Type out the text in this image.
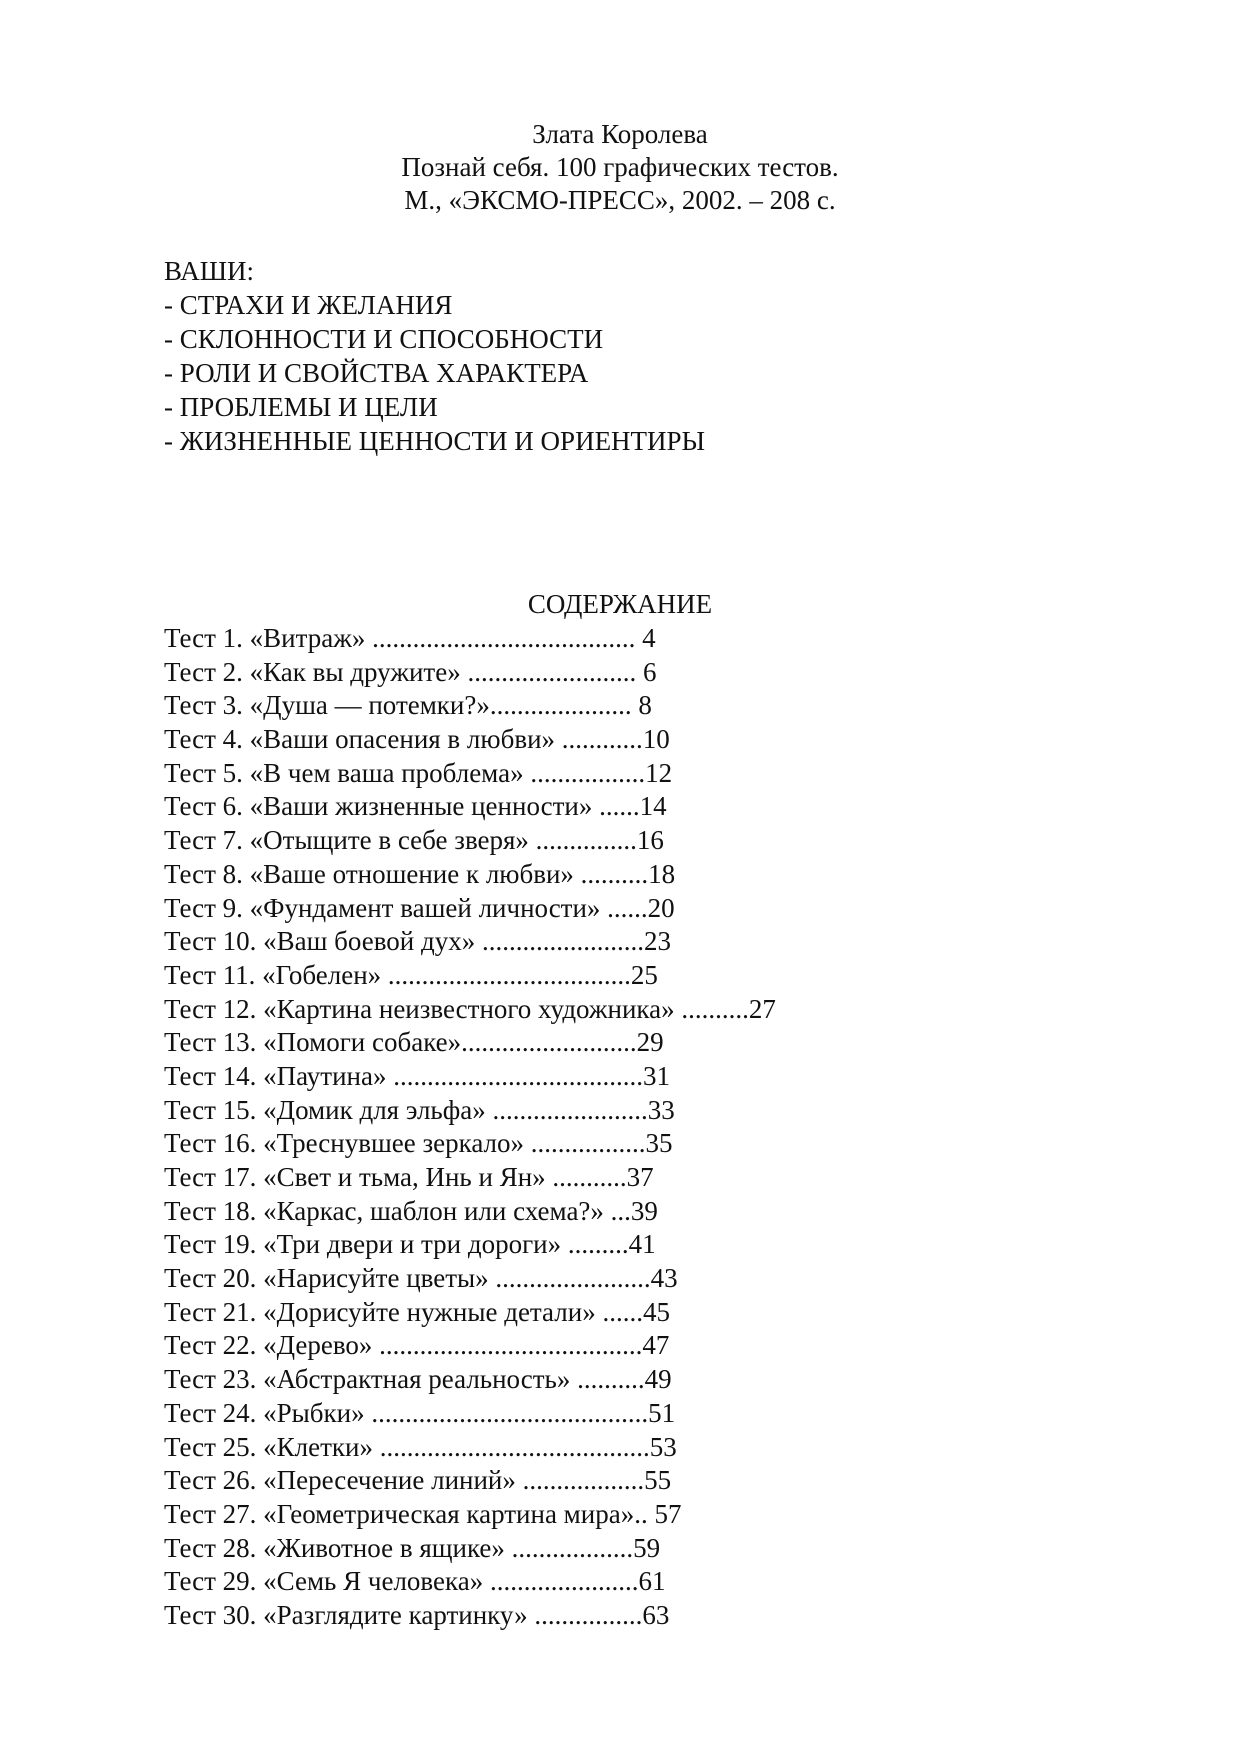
Злата Королева
Познай себя. 100 графических тестов.
М., «ЭКСМО-ПРЕСС», 2002. – 208 с.
ВАШИ:
- СТРАХИ И ЖЕЛАНИЯ
- СКЛОННОСТИ И СПОСОБНОСТИ
- РОЛИ И СВОЙСТВА ХАРАКТЕРА
- ПРОБЛЕМЫ И ЦЕЛИ
- ЖИЗНЕННЫЕ ЦЕННОСТИ И ОРИЕНТИРЫ
СОДЕРЖАНИЕ
Тест 1. «Витраж» ....................................... 4
Тест 2. «Как вы дружите» ......................... 6
Тест 3. «Душа — потемки?»..................... 8
Тест 4. «Ваши опасения в любви» ............10
Тест 5. «В чем ваша проблема» .................12
Тест 6. «Ваши жизненные ценности» ......14
Тест 7. «Отыщите в себе зверя» ...............16
Тест 8. «Ваше отношение к любви» ..........18
Тест 9. «Фундамент вашей личности» ......20
Тест 10. «Ваш боевой дух» ........................23
Тест 11. «Гобелен» ....................................25
Тест 12. «Картина неизвестного художника» ..........27
Тест 13. «Помоги собаке»..........................29
Тест 14. «Паутина» .....................................31
Тест 15. «Домик для эльфа» .......................33
Тест 16. «Треснувшее зеркало» .................35
Тест 17. «Свет и тьма, Инь и Ян» ...........37
Тест 18. «Каркас, шаблон или схема?» ...39
Тест 19. «Три двери и три дороги» .........41
Тест 20. «Нарисуйте цветы» .......................43
Тест 21. «Дорисуйте нужные детали» ......45
Тест 22. «Дерево» .......................................47
Тест 23. «Абстрактная реальность» ..........49
Тест 24. «Рыбки» .........................................51
Тест 25. «Клетки» ........................................53
Тест 26. «Пересечение линий» ..................55
Тест 27. «Геометрическая картина мира».. 57
Тест 28. «Животное в ящике» ..................59
Тест 29. «Семь Я человека» ......................61
Тест 30. «Разглядите картинку» ................63
